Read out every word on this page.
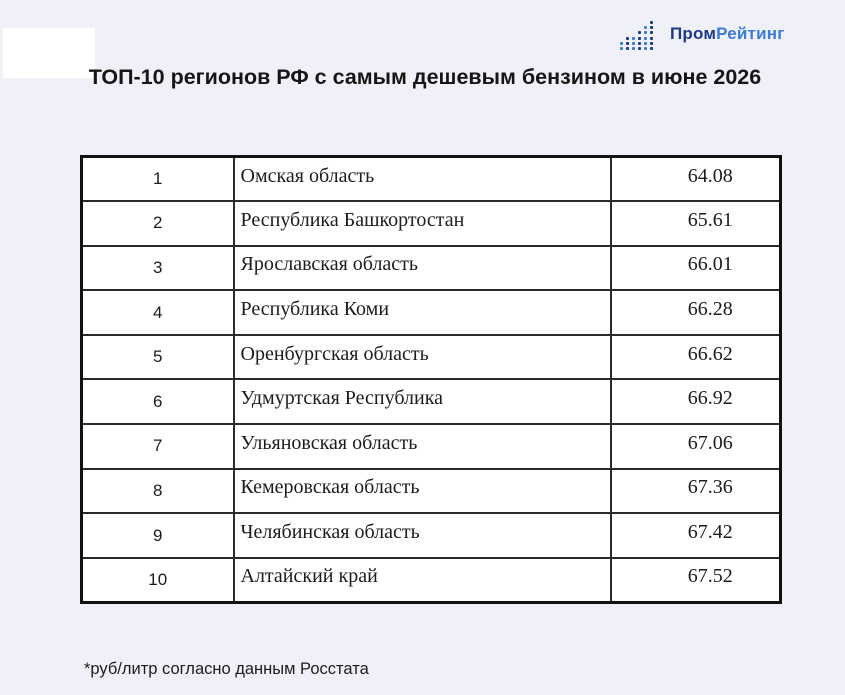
ПромРейтинг
ТОП-10 регионов РФ с самым дешевым бензином в июне 2026
1	Омская область	64.08
2	Республика Башкортостан	65.61
3	Ярославская область	66.01
4	Республика Коми	66.28
5	Оренбургская область	66.62
6	Удмуртская Республика	66.92
7	Ульяновская область	67.06
8	Кемеровская область	67.36
9	Челябинская область	67.42
10	Алтайский край	67.52

*руб/литр согласно данным Росстата
